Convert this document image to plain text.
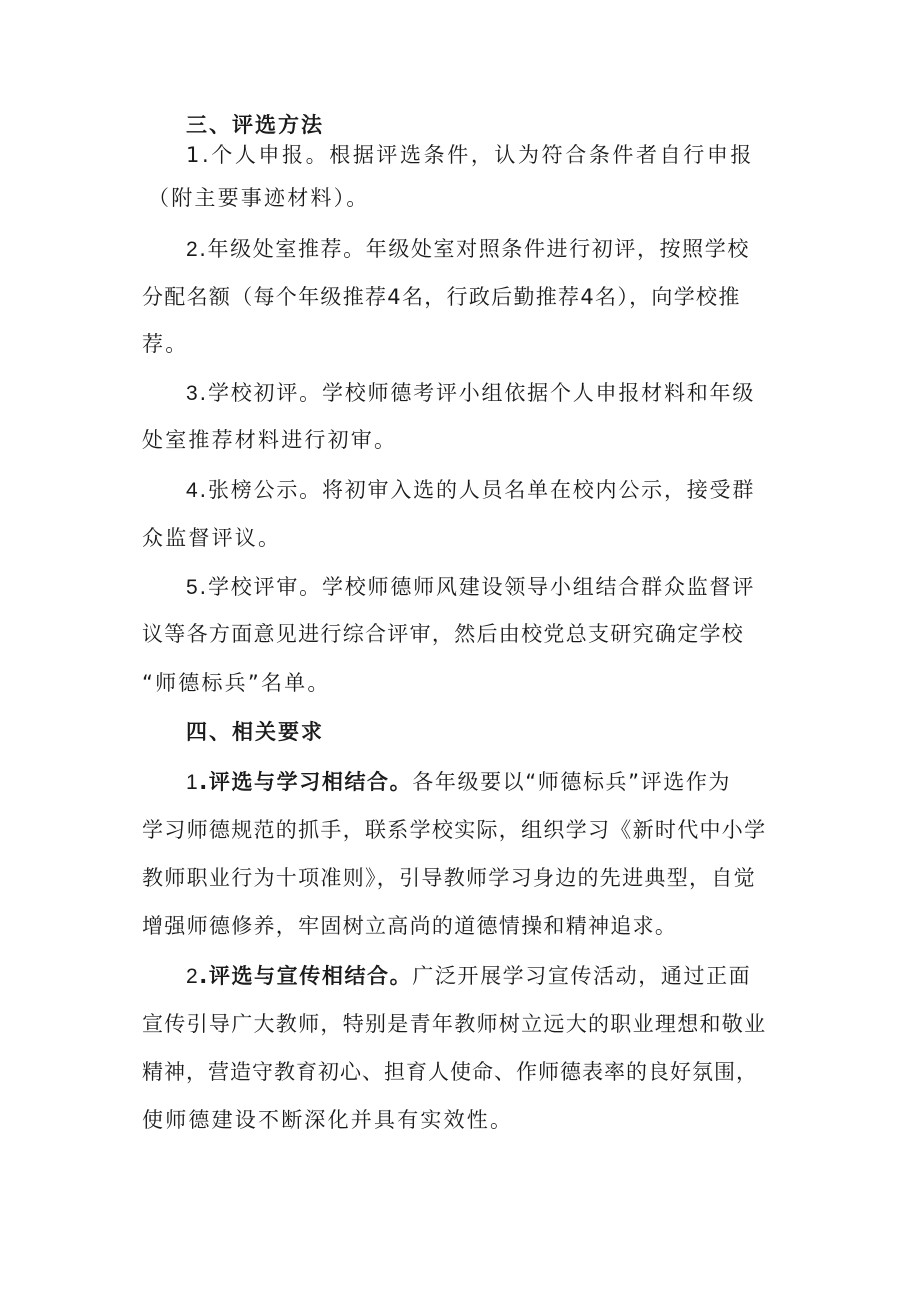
三、评选方法
1.个人申报。根据评选条件，认为符合条件者自行申报
（附主要事迹材料）。
2.年级处室推荐。年级处室对照条件进行初评，按照学校
分配名额（每个年级推荐4名，行政后勤推荐4名），向学校推
荐。
3.学校初评。学校师德考评小组依据个人申报材料和年级
处室推荐材料进行初审。
4.张榜公示。将初审入选的人员名单在校内公示，接受群
众监督评议。
5.学校评审。学校师德师风建设领导小组结合群众监督评
议等各方面意见进行综合评审，然后由校党总支研究确定学校
“师德标兵”名单。
四、相关要求
1.评选与学习相结合。各年级要以“师德标兵”评选作为
学习师德规范的抓手，联系学校实际，组织学习《新时代中小学
教师职业行为十项准则》，引导教师学习身边的先进典型，自觉
增强师德修养，牢固树立高尚的道德情操和精神追求。
2.评选与宣传相结合。广泛开展学习宣传活动，通过正面
宣传引导广大教师，特别是青年教师树立远大的职业理想和敬业
精神，营造守教育初心、担育人使命、作师德表率的良好氛围，
使师德建设不断深化并具有实效性。
